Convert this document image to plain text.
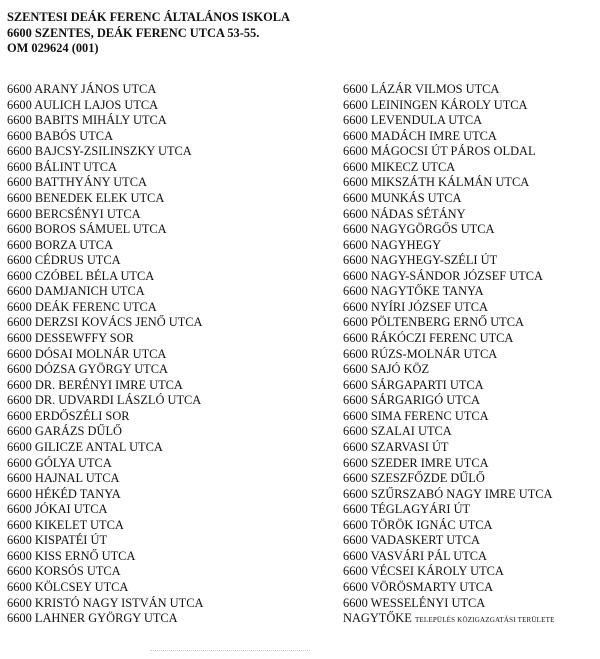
SZENTESI DEÁK FERENC ÁLTALÁNOS ISKOLA
6600 SZENTES, DEÁK FERENC UTCA 53-55.
OM 029624 (001)
6600 ARANY JÁNOS UTCA
6600 AULICH LAJOS UTCA
6600 BABITS MIHÁLY UTCA
6600 BABÓS UTCA
6600 BAJCSY-ZSILINSZKY UTCA
6600 BÁLINT UTCA
6600 BATTHYÁNY UTCA
6600 BENEDEK ELEK UTCA
6600 BERCSÉNYI UTCA
6600 BOROS SÁMUEL UTCA
6600 BORZA UTCA
6600 CÉDRUS UTCA
6600 CZÓBEL BÉLA UTCA
6600 DAMJANICH UTCA
6600 DEÁK FERENC UTCA
6600 DERZSI KOVÁCS JENŐ UTCA
6600 DESSEWFFY SOR
6600 DÓSAI MOLNÁR UTCA
6600 DÓZSA GYÖRGY UTCA
6600 DR. BERÉNYI IMRE UTCA
6600 DR. UDVARDI LÁSZLÓ UTCA
6600 ERDŐSZÉLI SOR
6600 GARÁZS DŰLŐ
6600 GILICZE ANTAL UTCA
6600 GÓLYA UTCA
6600 HAJNAL UTCA
6600 HÉKÉD TANYA
6600 JÓKAI UTCA
6600 KIKELET UTCA
6600 KISPATÉI ÚT
6600 KISS ERNŐ UTCA
6600 KORSÓS UTCA
6600 KÖLCSEY UTCA
6600 KRISTÓ NAGY ISTVÁN UTCA
6600 LAHNER GYÖRGY UTCA
6600 LÁZÁR VILMOS UTCA
6600 LEININGEN KÁROLY UTCA
6600 LEVENDULA UTCA
6600 MADÁCH IMRE UTCA
6600 MÁGOCSI ÚT PÁROS OLDAL
6600 MIKECZ UTCA
6600 MIKSZÁTH KÁLMÁN UTCA
6600 MUNKÁS UTCA
6600 NÁDAS SÉTÁNY
6600 NAGYGÖRGŐS UTCA
6600 NAGYHEGY
6600 NAGYHEGY-SZÉLI ÚT
6600 NAGY-SÁNDOR JÓZSEF UTCA
6600 NAGYTŐKE TANYA
6600 NYÍRI JÓZSEF UTCA
6600 PÖLTENBERG ERNŐ UTCA
6600 RÁKÓCZI FERENC UTCA
6600 RÚZS-MOLNÁR UTCA
6600 SAJÓ KÖZ
6600 SÁRGAPARTI UTCA
6600 SÁRGARIGÓ UTCA
6600 SIMA FERENC UTCA
6600 SZALAI UTCA
6600 SZARVASI ÚT
6600 SZEDER IMRE UTCA
6600 SZESZFŐZDE DŰLŐ
6600 SZŰRSZABÓ NAGY IMRE UTCA
6600 TÉGLAGYÁRI ÚT
6600 TÖRÖK IGNÁC UTCA
6600 VADASKERT UTCA
6600 VASVÁRI PÁL UTCA
6600 VÉCSEI KÁROLY UTCA
6600 VÖRÖSMARTY UTCA
6600 WESSELÉNYI UTCA
NAGYTŐKE TELEPÜLÉS KÖZIGAZGATÁSI TERÜLETE
